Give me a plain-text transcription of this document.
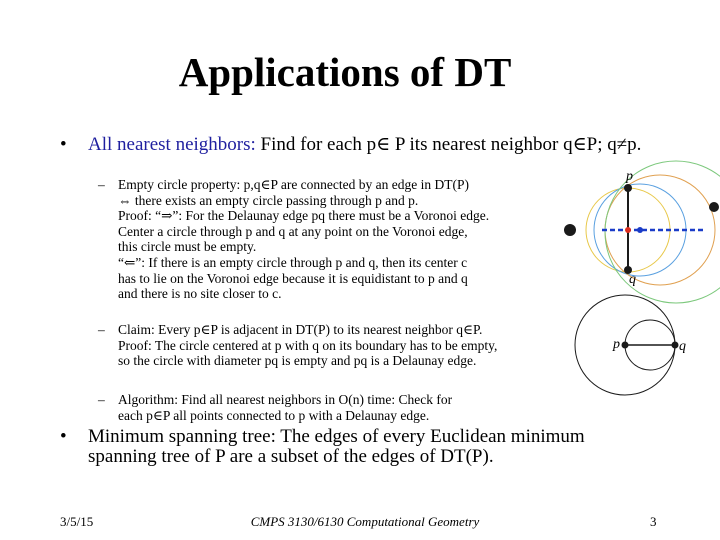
Applications of DT
• All nearest neighbors: Find for each p∈ P its nearest neighbor q∈P; q≠p.
– Empty circle property: p,q∈P are connected by an edge in DT(P)
⇔ there exists an empty circle passing through p and p.
Proof: “⇒”: For the Delaunay edge pq there must be a Voronoi edge.
Center a circle through p and q at any point on the Voronoi edge,
this circle must be empty.
“⇐”: If there is an empty circle through p and q, then its center c
has to lie on the Voronoi edge because it is equidistant to p and q
and there is no site closer to c.
– Claim: Every p∈P is adjacent in DT(P) to its nearest neighbor q∈P.
Proof: The circle centered at p with q on its boundary has to be empty,
so the circle with diameter pq is empty and pq is a Delaunay edge.
– Algorithm: Find all nearest neighbors in O(n) time: Check for
each p∈P all points connected to p with a Delaunay edge.
• Minimum spanning tree: The edges of every Euclidean minimum
spanning tree of P are a subset of the edges of DT(P).
p
q
p	q
3/5/15	CMPS 3130/6130 Computational Geometry	3
